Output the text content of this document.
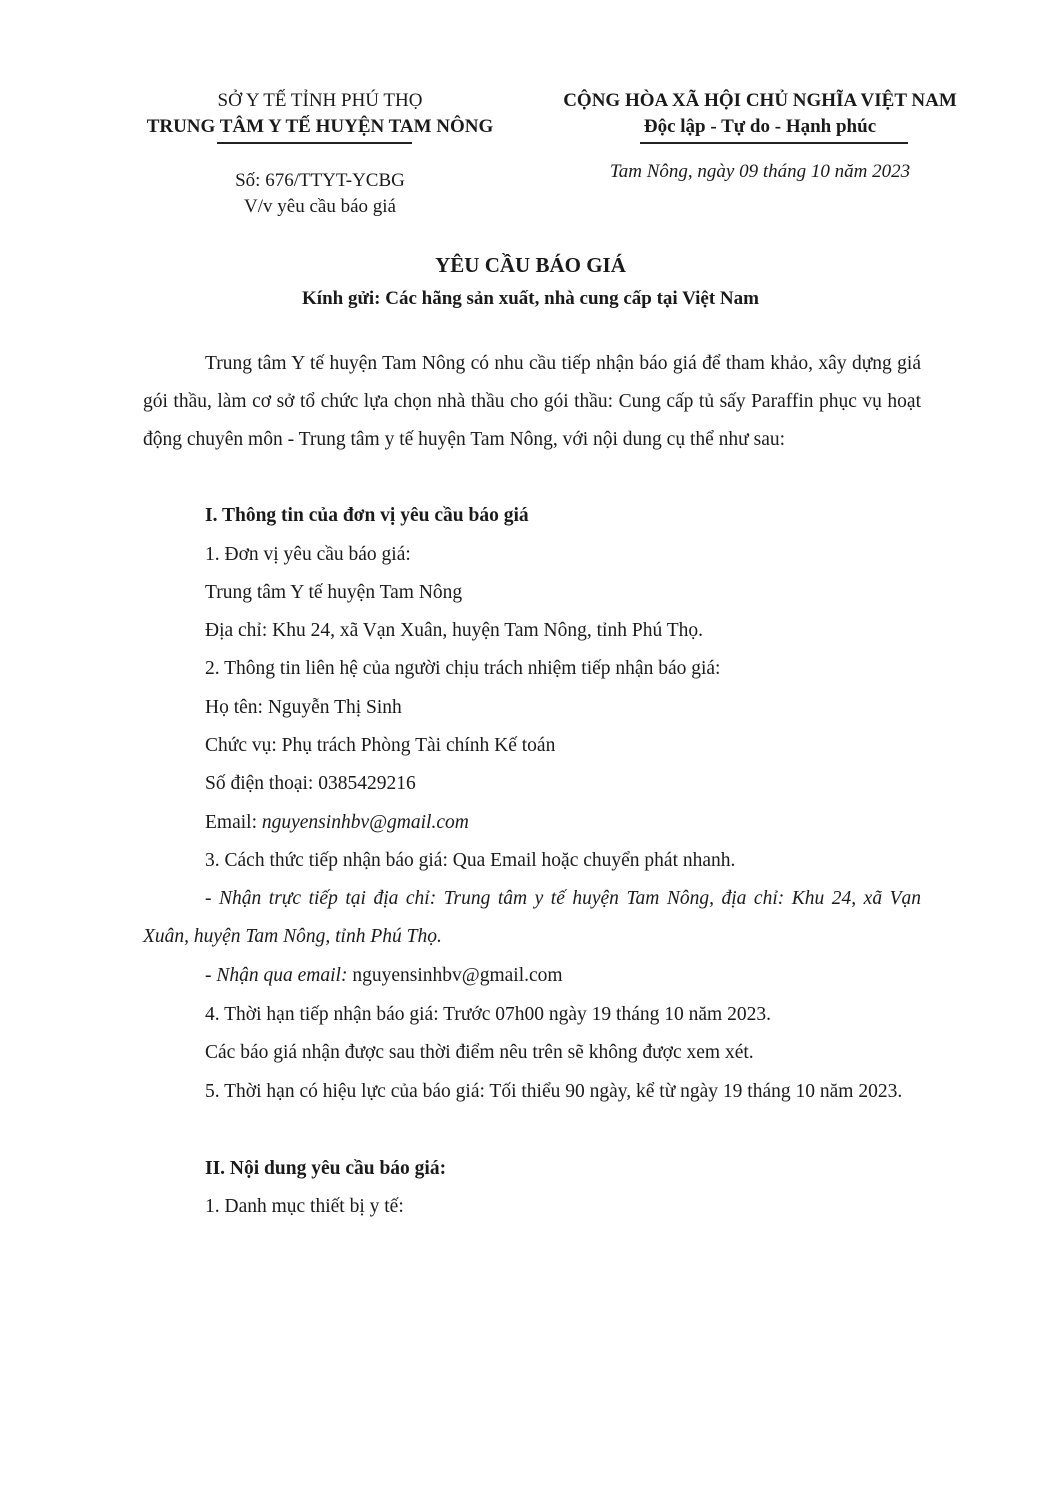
SỞ Y TẾ TỈNH PHÚ THỌ
TRUNG TÂM Y TẾ HUYỆN TAM NÔNG
CỘNG HÒA XÃ HỘI CHỦ NGHĨA VIỆT NAM
Độc lập - Tự do - Hạnh phúc
Số: 676/TTYT-YCBG
V/v yêu cầu báo giá
Tam Nông, ngày 09 tháng 10 năm 2023
YÊU CẦU BÁO GIÁ
Kính gửi: Các hãng sản xuất, nhà cung cấp tại Việt Nam
Trung tâm Y tế huyện Tam Nông có nhu cầu tiếp nhận báo giá để tham khảo, xây dựng giá gói thầu, làm cơ sở tổ chức lựa chọn nhà thầu cho gói thầu: Cung cấp tủ sấy Paraffin phục vụ hoạt động chuyên môn - Trung tâm y tế huyện Tam Nông, với nội dung cụ thể như sau:
I. Thông tin của đơn vị yêu cầu báo giá
1. Đơn vị yêu cầu báo giá:
Trung tâm Y tế huyện Tam Nông
Địa chỉ: Khu 24, xã Vạn Xuân, huyện Tam Nông, tỉnh Phú Thọ.
2. Thông tin liên hệ của người chịu trách nhiệm tiếp nhận báo giá:
Họ tên: Nguyễn Thị Sinh
Chức vụ: Phụ trách Phòng Tài chính Kế toán
Số điện thoại: 0385429216
Email: nguyensinhbv@gmail.com
3. Cách thức tiếp nhận báo giá: Qua Email hoặc chuyển phát nhanh.
- Nhận trực tiếp tại địa chỉ: Trung tâm y tế huyện Tam Nông, địa chỉ: Khu 24, xã Vạn Xuân, huyện Tam Nông, tỉnh Phú Thọ.
- Nhận qua email: nguyensinhbv@gmail.com
4. Thời hạn tiếp nhận báo giá: Trước 07h00 ngày 19 tháng 10 năm 2023.
Các báo giá nhận được sau thời điểm nêu trên sẽ không được xem xét.
5. Thời hạn có hiệu lực của báo giá: Tối thiểu 90 ngày, kể từ ngày 19 tháng 10 năm 2023.
II. Nội dung yêu cầu báo giá:
1. Danh mục thiết bị y tế:
